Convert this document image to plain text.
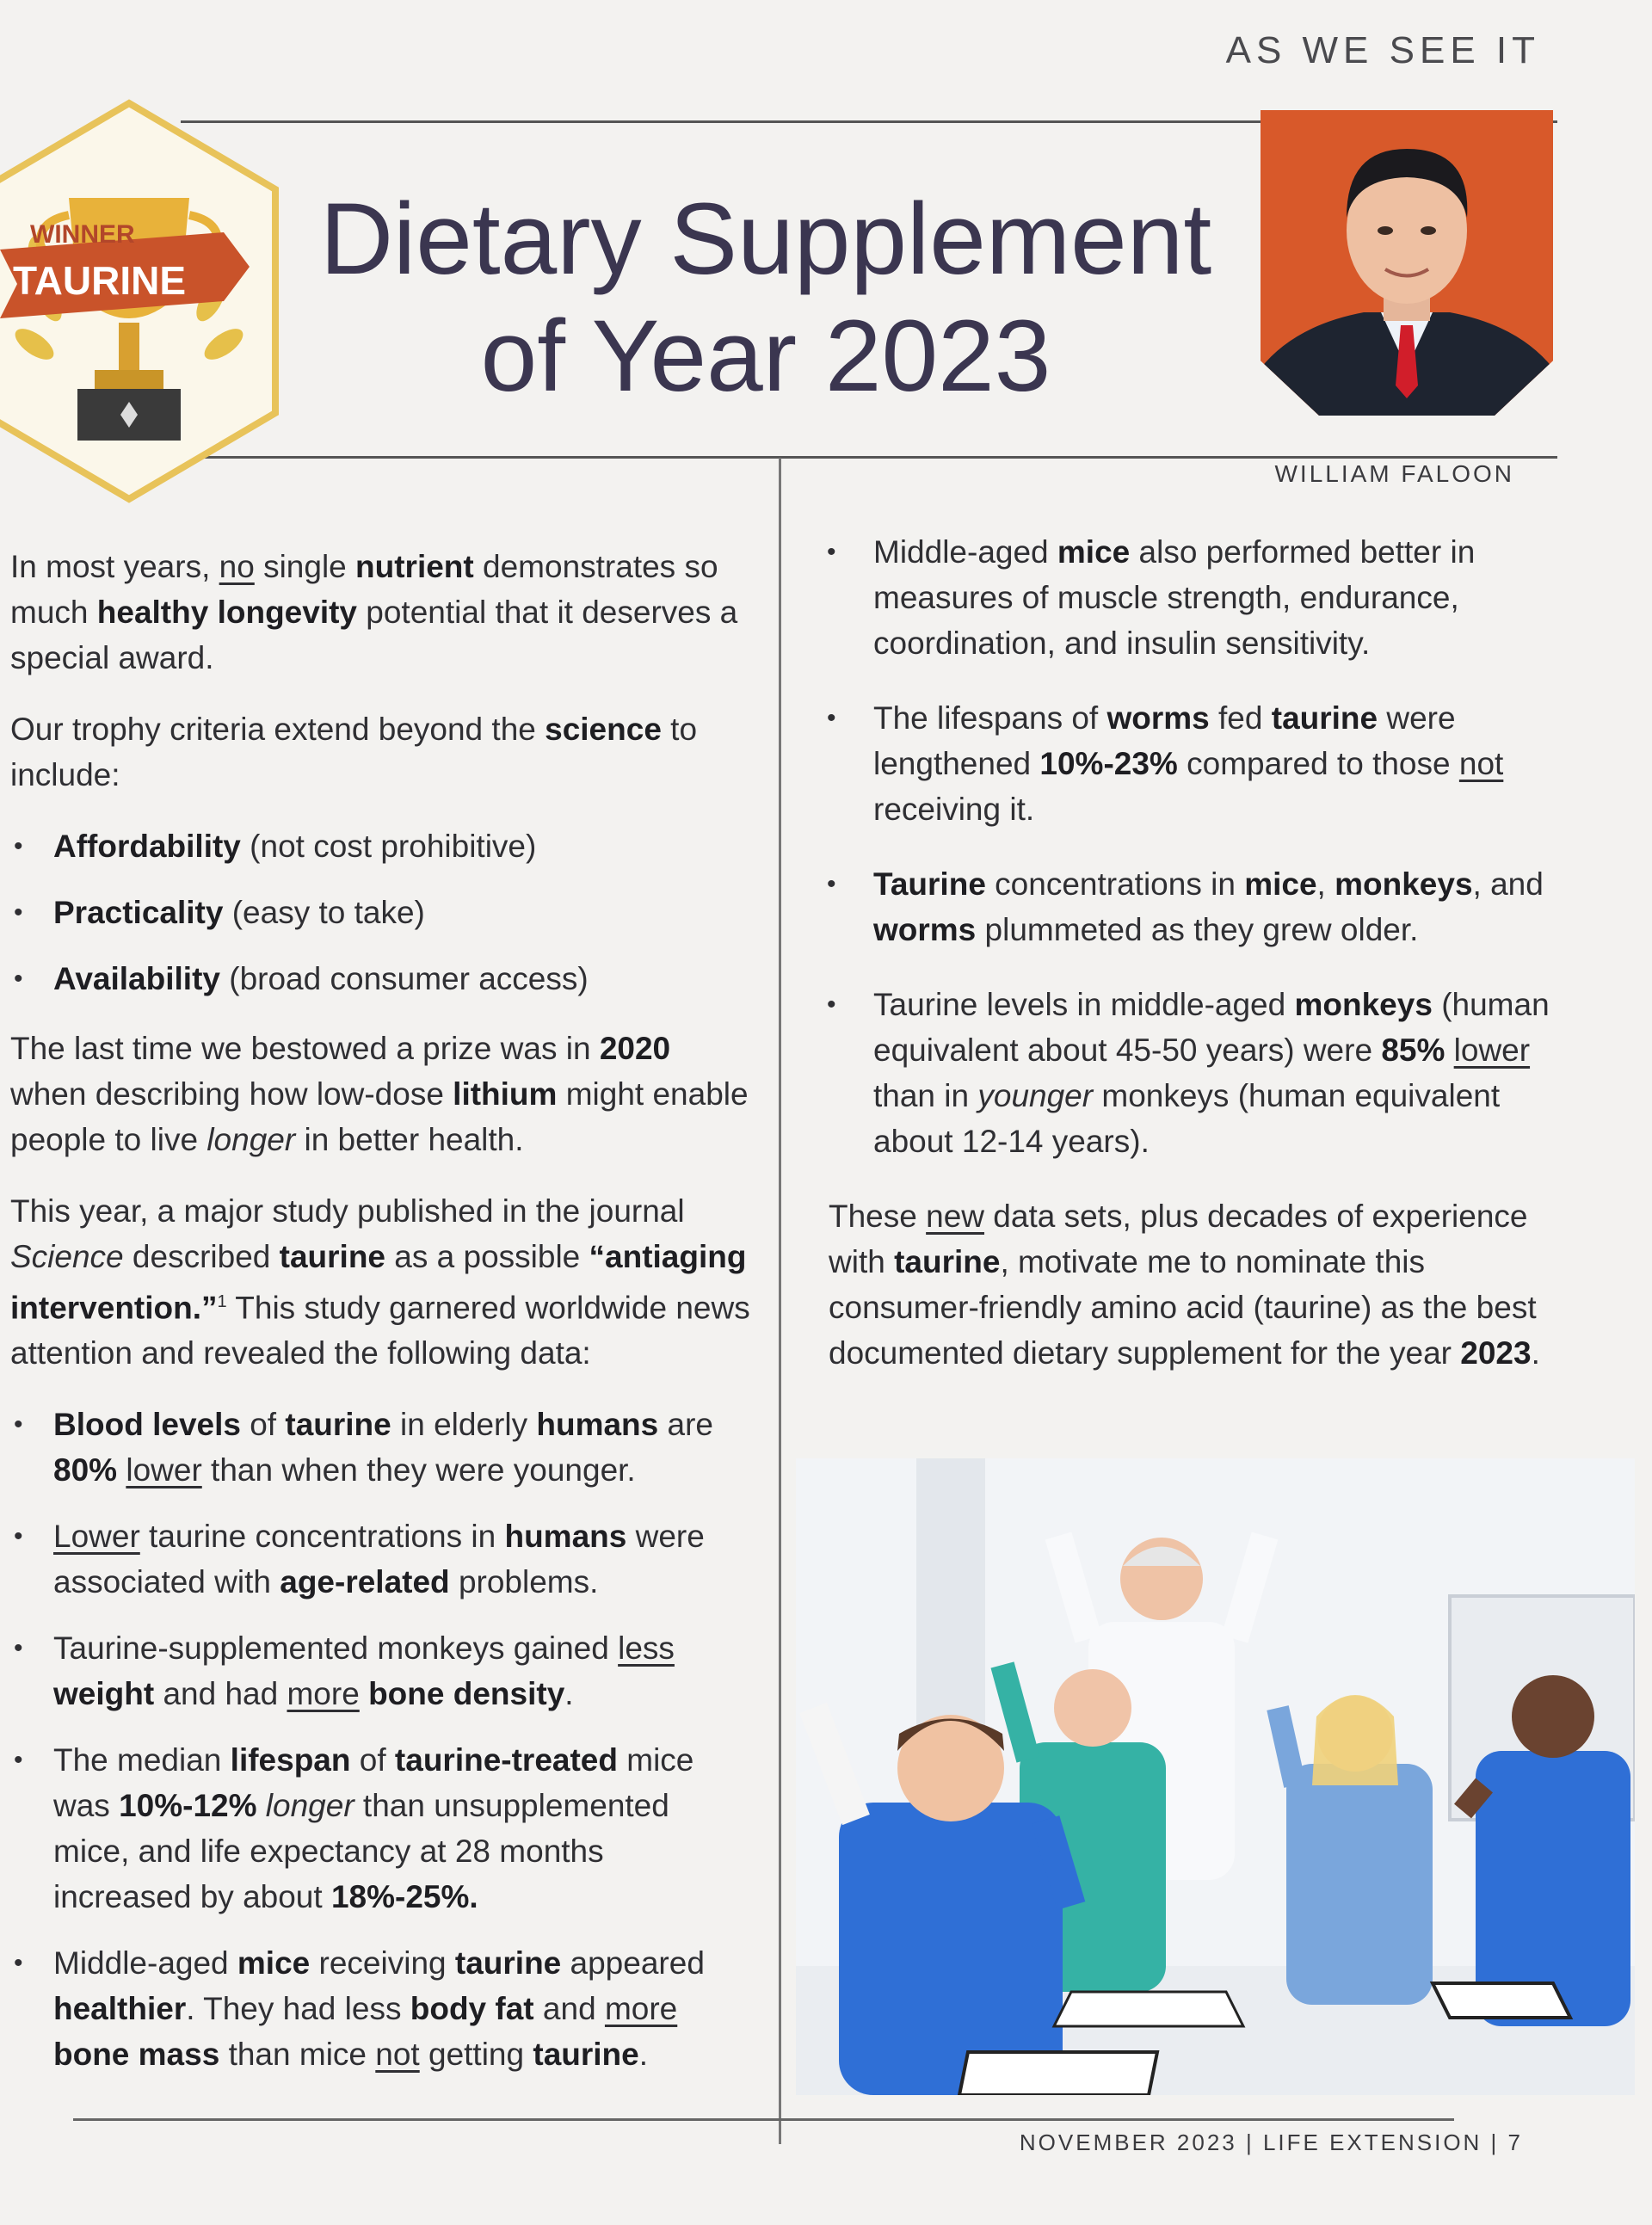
AS WE SEE IT
WINNER
TAURINE	Dietary Supplement
of Year 2023
WILLIAM FALOON

In most years, no single nutrient demonstrates so much healthy longevity potential that it deserves a special award.

Our trophy criteria extend beyond the science to include:

• Affordability (not cost prohibitive)
• Practicality (easy to take)
• Availability (broad consumer access)

The last time we bestowed a prize was in 2020 when describing how low-dose lithium might enable people to live longer in better health.

This year, a major study published in the journal Science described taurine as a possible “antiaging intervention.”$^1$ This study garnered worldwide news attention and revealed the following data:

• Blood levels of taurine in elderly humans are 80% lower than when they were younger.
• Lower taurine concentrations in humans were associated with age-related problems.
• Taurine-supplemented monkeys gained less weight and had more bone density.
• The median lifespan of taurine-treated mice was 10%-12% longer than unsupplemented mice, and life expectancy at 28 months increased by about 18%-25%.
• Middle-aged mice receiving taurine appeared healthier. They had less body fat and more bone mass than mice not getting taurine.
• Middle-aged mice also performed better in measures of muscle strength, endurance, coordination, and insulin sensitivity.
• The lifespans of worms fed taurine were lengthened 10%-23% compared to those not receiving it.
• Taurine concentrations in mice, monkeys, and worms plummeted as they grew older.
• Taurine levels in middle-aged monkeys (human equivalent about 45-50 years) were 85% lower than in younger monkeys (human equivalent about 12-14 years).

These new data sets, plus decades of experience with taurine, motivate me to nominate this consumer-friendly amino acid (taurine) as the best documented dietary supplement for the year 2023.

NOVEMBER 2023 | LIFE EXTENSION | 7
